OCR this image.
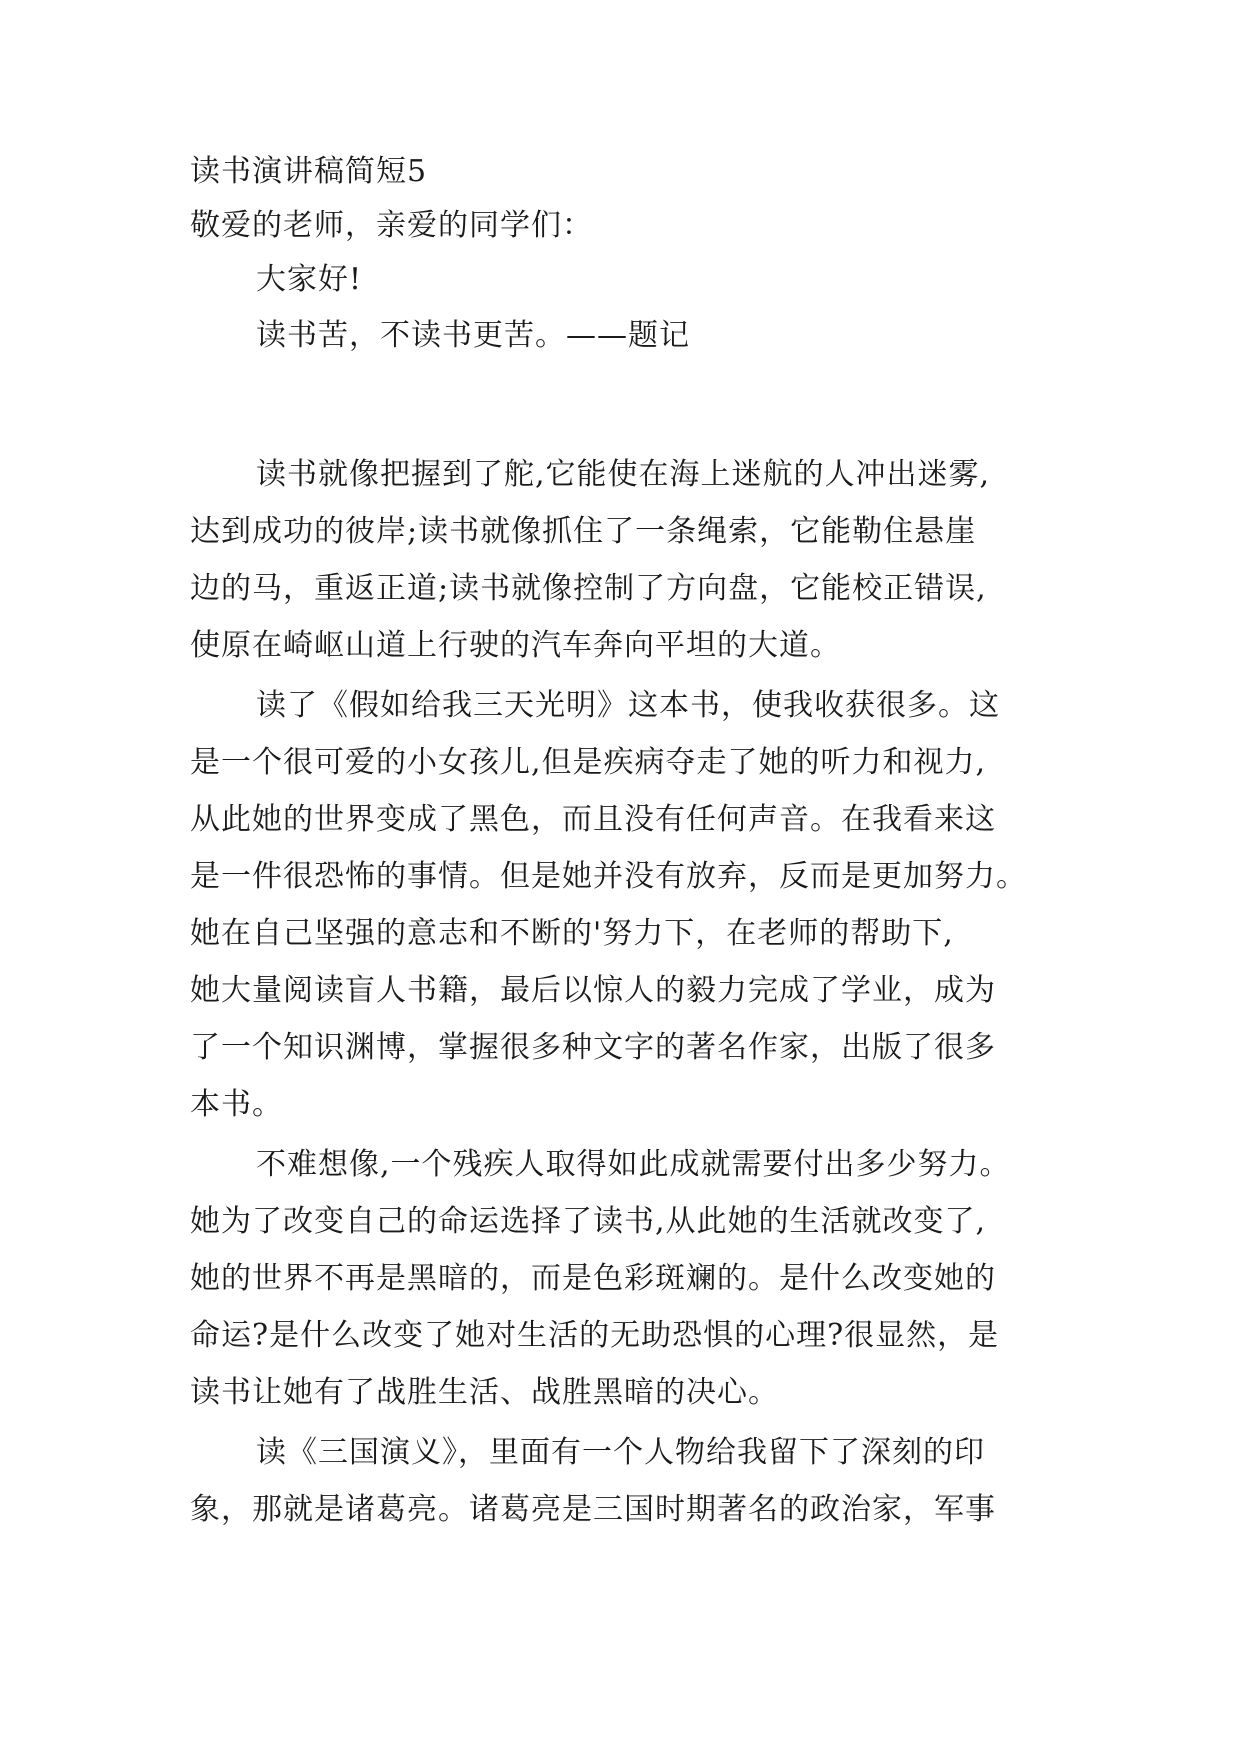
读书演讲稿简短5
敬爱的老师，亲爱的同学们：
大家好!
读书苦，不读书更苦。——题记
读书就像把握到了舵,它能使在海上迷航的人冲出迷雾,
达到成功的彼岸;读书就像抓住了一条绳索，它能勒住悬崖
边的马，重返正道;读书就像控制了方向盘，它能校正错误,
使原在崎岖山道上行驶的汽车奔向平坦的大道。
读了《假如给我三天光明》这本书，使我收获很多。这
是一个很可爱的小女孩儿,但是疾病夺走了她的听力和视力,
从此她的世界变成了黑色，而且没有任何声音。在我看来这
是一件很恐怖的事情。但是她并没有放弃，反而是更加努力。
她在自己坚强的意志和不断的'努力下，在老师的帮助下,
她大量阅读盲人书籍，最后以惊人的毅力完成了学业，成为
了一个知识渊博，掌握很多种文字的著名作家，出版了很多
本书。
不难想像,一个残疾人取得如此成就需要付出多少努力。
她为了改变自己的命运选择了读书,从此她的生活就改变了,
她的世界不再是黑暗的，而是色彩斑斓的。是什么改变她的
命运?是什么改变了她对生活的无助恐惧的心理?很显然，是
读书让她有了战胜生活、战胜黑暗的决心。
读《三国演义》，里面有一个人物给我留下了深刻的印
象，那就是诸葛亮。诸葛亮是三国时期著名的政治家，军事
